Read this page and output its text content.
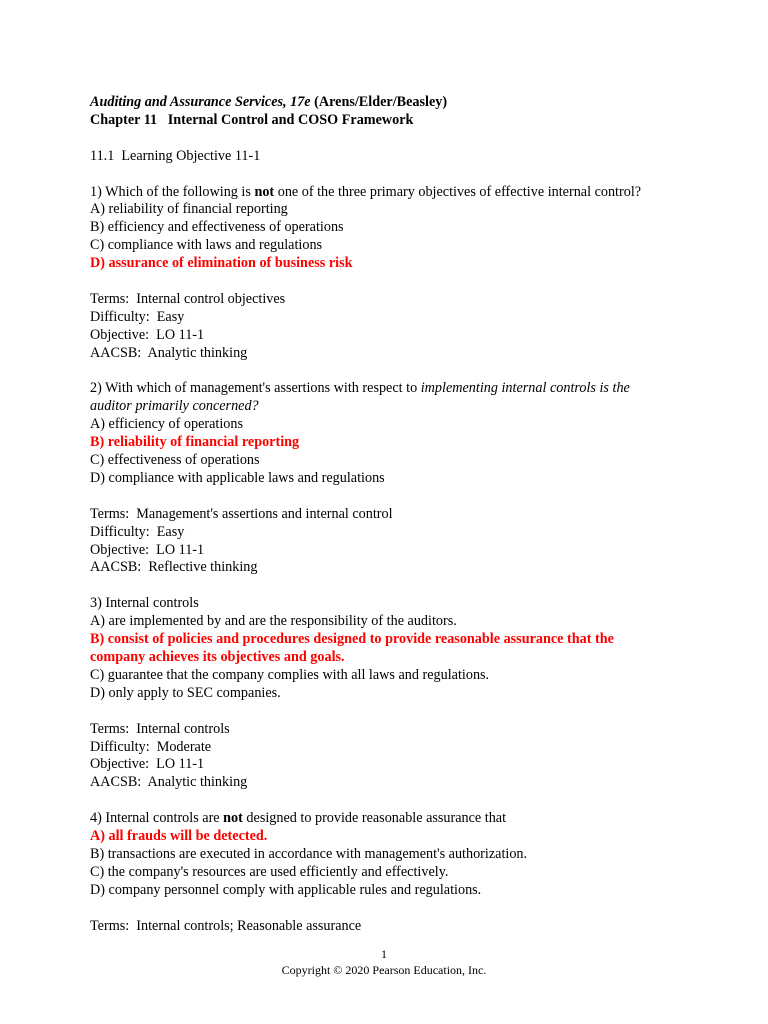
Auditing and Assurance Services, 17e (Arens/Elder/Beasley)
Chapter 11   Internal Control and COSO Framework
11.1  Learning Objective 11-1
1) Which of the following is not one of the three primary objectives of effective internal control?
A) reliability of financial reporting
B) efficiency and effectiveness of operations
C) compliance with laws and regulations
D) assurance of elimination of business risk
Terms:  Internal control objectives
Difficulty:  Easy
Objective:  LO 11-1
AACSB:  Analytic thinking
2) With which of management's assertions with respect to implementing internal controls is the
auditor primarily concerned?
A) efficiency of operations
B) reliability of financial reporting
C) effectiveness of operations
D) compliance with applicable laws and regulations
Terms:  Management's assertions and internal control
Difficulty:  Easy
Objective:  LO 11-1
AACSB:  Reflective thinking
3) Internal controls
A) are implemented by and are the responsibility of the auditors.
B) consist of policies and procedures designed to provide reasonable assurance that the
company achieves its objectives and goals.
C) guarantee that the company complies with all laws and regulations.
D) only apply to SEC companies.
Terms:  Internal controls
Difficulty:  Moderate
Objective:  LO 11-1
AACSB:  Analytic thinking
4) Internal controls are not designed to provide reasonable assurance that
A) all frauds will be detected.
B) transactions are executed in accordance with management's authorization.
C) the company's resources are used efficiently and effectively.
D) company personnel comply with applicable rules and regulations.
Terms:  Internal controls; Reasonable assurance
1
Copyright © 2020 Pearson Education, Inc.
